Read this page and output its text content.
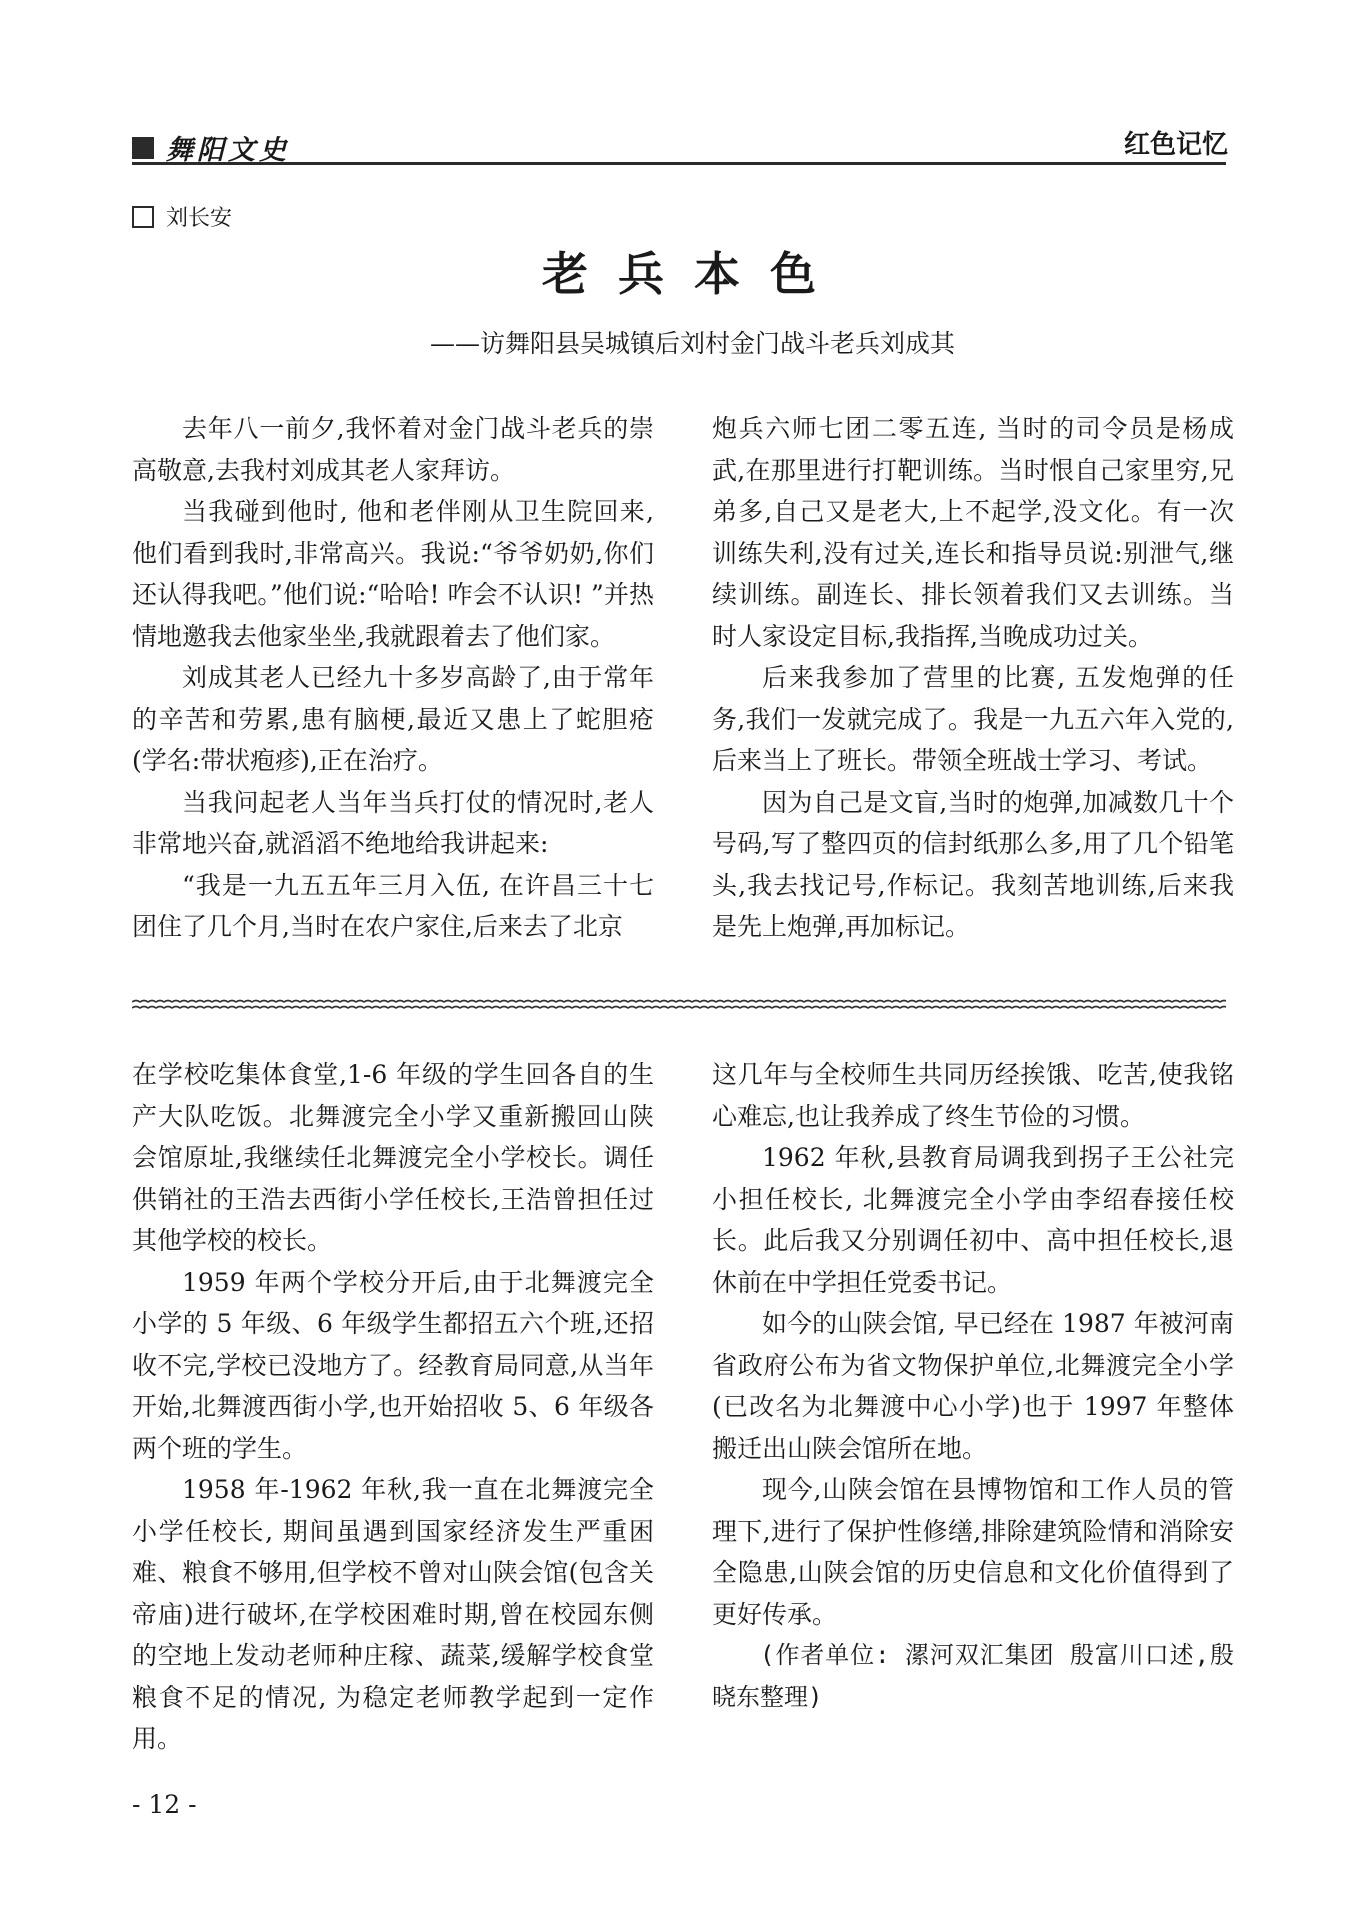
舞阳文史	红色记忆
刘长安
老兵本色
——访舞阳县吴城镇后刘村金门战斗老兵刘成其

去年八一前夕,我怀着对金门战斗老兵的崇高敬意,去我村刘成其老人家拜访。

当我碰到他时, 他和老伴刚从卫生院回来,他们看到我时,非常高兴。我说:“爷爷奶奶,你们还认得我吧。”他们说:“哈哈! 咋会不认识! ”并热情地邀我去他家坐坐,我就跟着去了他们家。

刘成其老人已经九十多岁高龄了,由于常年的辛苦和劳累,患有脑梗,最近又患上了蛇胆疮(学名:带状疱疹),正在治疗。

当我问起老人当年当兵打仗的情况时,老人非常地兴奋,就滔滔不绝地给我讲起来:

“我是一九五五年三月入伍, 在许昌三十七团住了几个月,当时在农户家住,后来去了北京

炮兵六师七团二零五连, 当时的司令员是杨成武,在那里进行打靶训练。当时恨自己家里穷,兄弟多,自己又是老大,上不起学,没文化。有一次训练失利,没有过关,连长和指导员说:别泄气,继续训练。副连长、排长领着我们又去训练。当时人家设定目标,我指挥,当晚成功过关。

后来我参加了营里的比赛, 五发炮弹的任务,我们一发就完成了。我是一九五六年入党的,后来当上了班长。带领全班战士学习、考试。

因为自己是文盲,当时的炮弹,加减数几十个号码,写了整四页的信封纸那么多,用了几个铅笔头,我去找记号,作标记。我刻苦地训练,后来我是先上炮弹,再加标记。

在学校吃集体食堂,1-6 年级的学生回各自的生产大队吃饭。北舞渡完全小学又重新搬回山陕会馆原址,我继续任北舞渡完全小学校长。调任供销社的王浩去西街小学任校长,王浩曾担任过其他学校的校长。

1959 年两个学校分开后,由于北舞渡完全小学的 5 年级、6 年级学生都招五六个班,还招收不完,学校已没地方了。经教育局同意,从当年开始,北舞渡西街小学,也开始招收 5、6 年级各两个班的学生。

1958 年-1962 年秋,我一直在北舞渡完全小学任校长, 期间虽遇到国家经济发生严重困难、粮食不够用,但学校不曾对山陕会馆(包含关帝庙)进行破坏,在学校困难时期,曾在校园东侧的空地上发动老师种庄稼、蔬菜,缓解学校食堂粮食不足的情况, 为稳定老师教学起到一定作用。

这几年与全校师生共同历经挨饿、吃苦,使我铭心难忘,也让我养成了终生节俭的习惯。

1962 年秋,县教育局调我到拐子王公社完小担任校长, 北舞渡完全小学由李绍春接任校长。此后我又分别调任初中、高中担任校长,退休前在中学担任党委书记。

如今的山陕会馆, 早已经在 1987 年被河南省政府公布为省文物保护单位,北舞渡完全小学(已改名为北舞渡中心小学)也于 1997 年整体搬迁出山陕会馆所在地。

现今,山陕会馆在县博物馆和工作人员的管理下,进行了保护性修缮,排除建筑险情和消除安全隐患,山陕会馆的历史信息和文化价值得到了更好传承。

(作者单位: 漯河双汇集团 殷富川口述,殷晓东整理)

- 12 -
